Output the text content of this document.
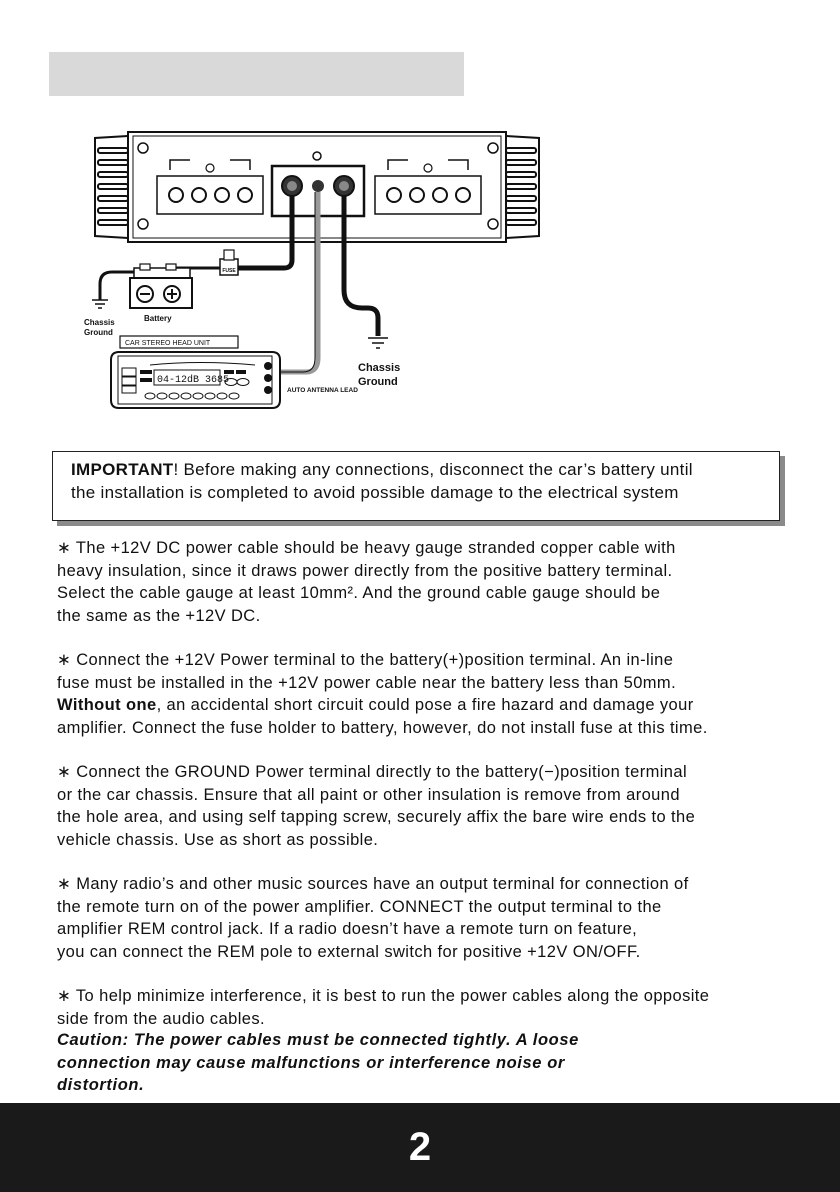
FUSE
Battery
Chassis
Ground
Chassis
Ground
CAR STEREO HEAD UNIT
04-12dB 3685
AUTO ANTENNA LEAD
IMPORTANT! Before making any connections, disconnect the car’s battery until
the installation is completed to avoid possible damage to the electrical system
∗ The +12V DC power cable should be heavy gauge stranded copper cable with
heavy insulation, since it draws power directly from the positive battery terminal.
Select the cable gauge at least 10mm². And the ground cable gauge should be
the same as the +12V DC.
∗ Connect the +12V Power terminal to the battery(+)position terminal. An in-line
fuse must be installed in the +12V power cable near the battery less than 50mm.
Without one, an accidental short circuit could pose a fire hazard and damage your
amplifier. Connect the fuse holder to battery, however, do not install fuse at this time.
∗ Connect the GROUND Power terminal directly to the battery(−)position terminal
or the car chassis. Ensure that all paint or other insulation is remove from around
the hole area, and using self tapping screw, securely affix the bare wire ends to the
vehicle chassis. Use as short as possible.
∗ Many radio’s and other music sources have an output terminal for connection of
the remote turn on of the power amplifier. CONNECT the output terminal to the
amplifier REM control jack. If a radio doesn’t have a remote turn on feature,
you can connect the REM pole to external switch for positive +12V ON/OFF.
∗ To help minimize interference, it is best to run the power cables along the opposite
side from the audio cables.
Caution: The power cables must be connected tightly. A loose
connection may cause malfunctions or interference noise or
distortion.
2
